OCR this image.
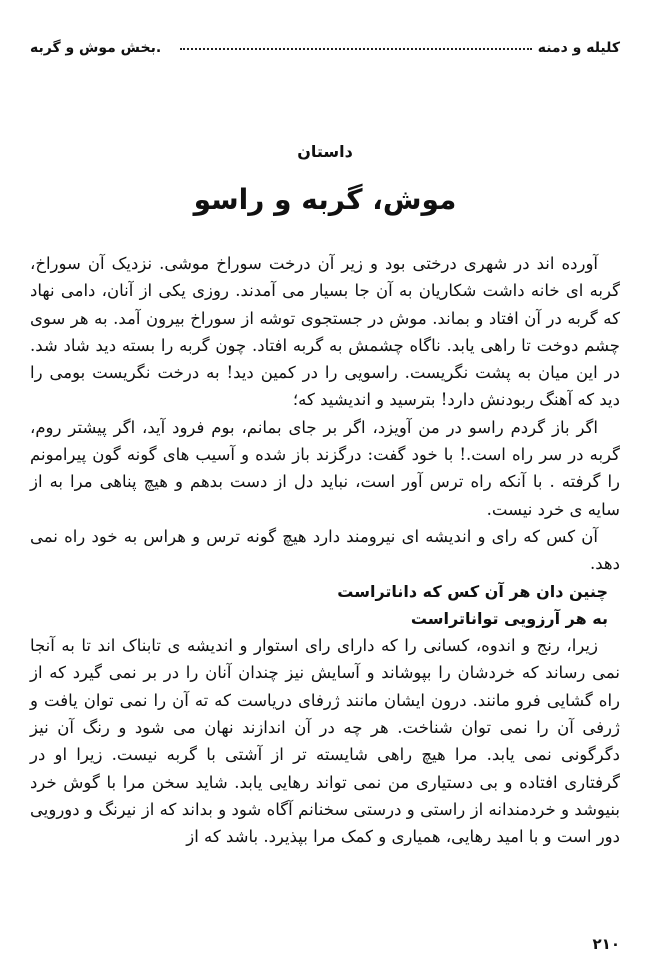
کلیله و دمنه
.بخش موش و گربه
داستان
موش، گربه و راسو

آورده اند در شهری درختی بود و زیر آن درخت سوراخ موشی. نزدیک آن سوراخ، گربه ای خانه داشت شکاریان به آن جا بسیار می آمدند. روزی یکی از آنان، دامی نهاد که گربه در آن افتاد و بماند. موش در جستجوی توشه از سوراخ بیرون آمد. به هر سوی چشم دوخت تا راهی یابد. ناگاه چشمش به گربه افتاد. چون گربه را بسته دید شاد شد. در این میان به پشت نگریست. راسویی را در کمین دید! به درخت نگریست بومی را دید که آهنگ ربودنش دارد! بترسید و اندیشید که؛

اگر باز گردم راسو در من آویزد، اگر بر جای بمانم، بوم فرود آید، اگر پیشتر روم، گربه در سر راه است.! با خود گفت: درگزند باز شده و آسیب های گونه گون پیرامونم را گرفته . با آنکه راه ترس آور است، نباید دل از دست بدهم و هیچ پناهی مرا به از سایه ی خرد نیست.

آن کس که رای و اندیشه ای نیرومند دارد هیچ گونه ترس و هراس به خود راه نمی دهد.

چنین دان هر آن کس که داناتراست

به هر آرزویی تواناتراست

زیرا، رنج و اندوه، کسانی را که دارای رای استوار و اندیشه ی تابناک اند تا به آنجا نمی رساند که خردشان را بپوشاند و آسایش نیز چندان آنان را در بر نمی گیرد که از راه گشایی فرو مانند. درون ایشان مانند ژرفای دریاست که ته آن را نمی توان یافت و ژرفی آن را نمی توان شناخت. هر چه در آن اندازند نهان می شود و رنگ آن نیز دگرگونی نمی یابد. مرا هیچ راهی شایسته تر از آشتی با گربه نیست. زیرا او در گرفتاری افتاده و بی دستیاری من نمی تواند رهایی یابد. شاید سخن مرا با گوش خرد بنیوشد و خردمندانه از راستی و درستی سخنانم آگاه شود و بداند که از نیرنگ و دورویی دور است و با امید رهایی، همیاری و کمک مرا بپذیرد. باشد که از

۲۱۰
